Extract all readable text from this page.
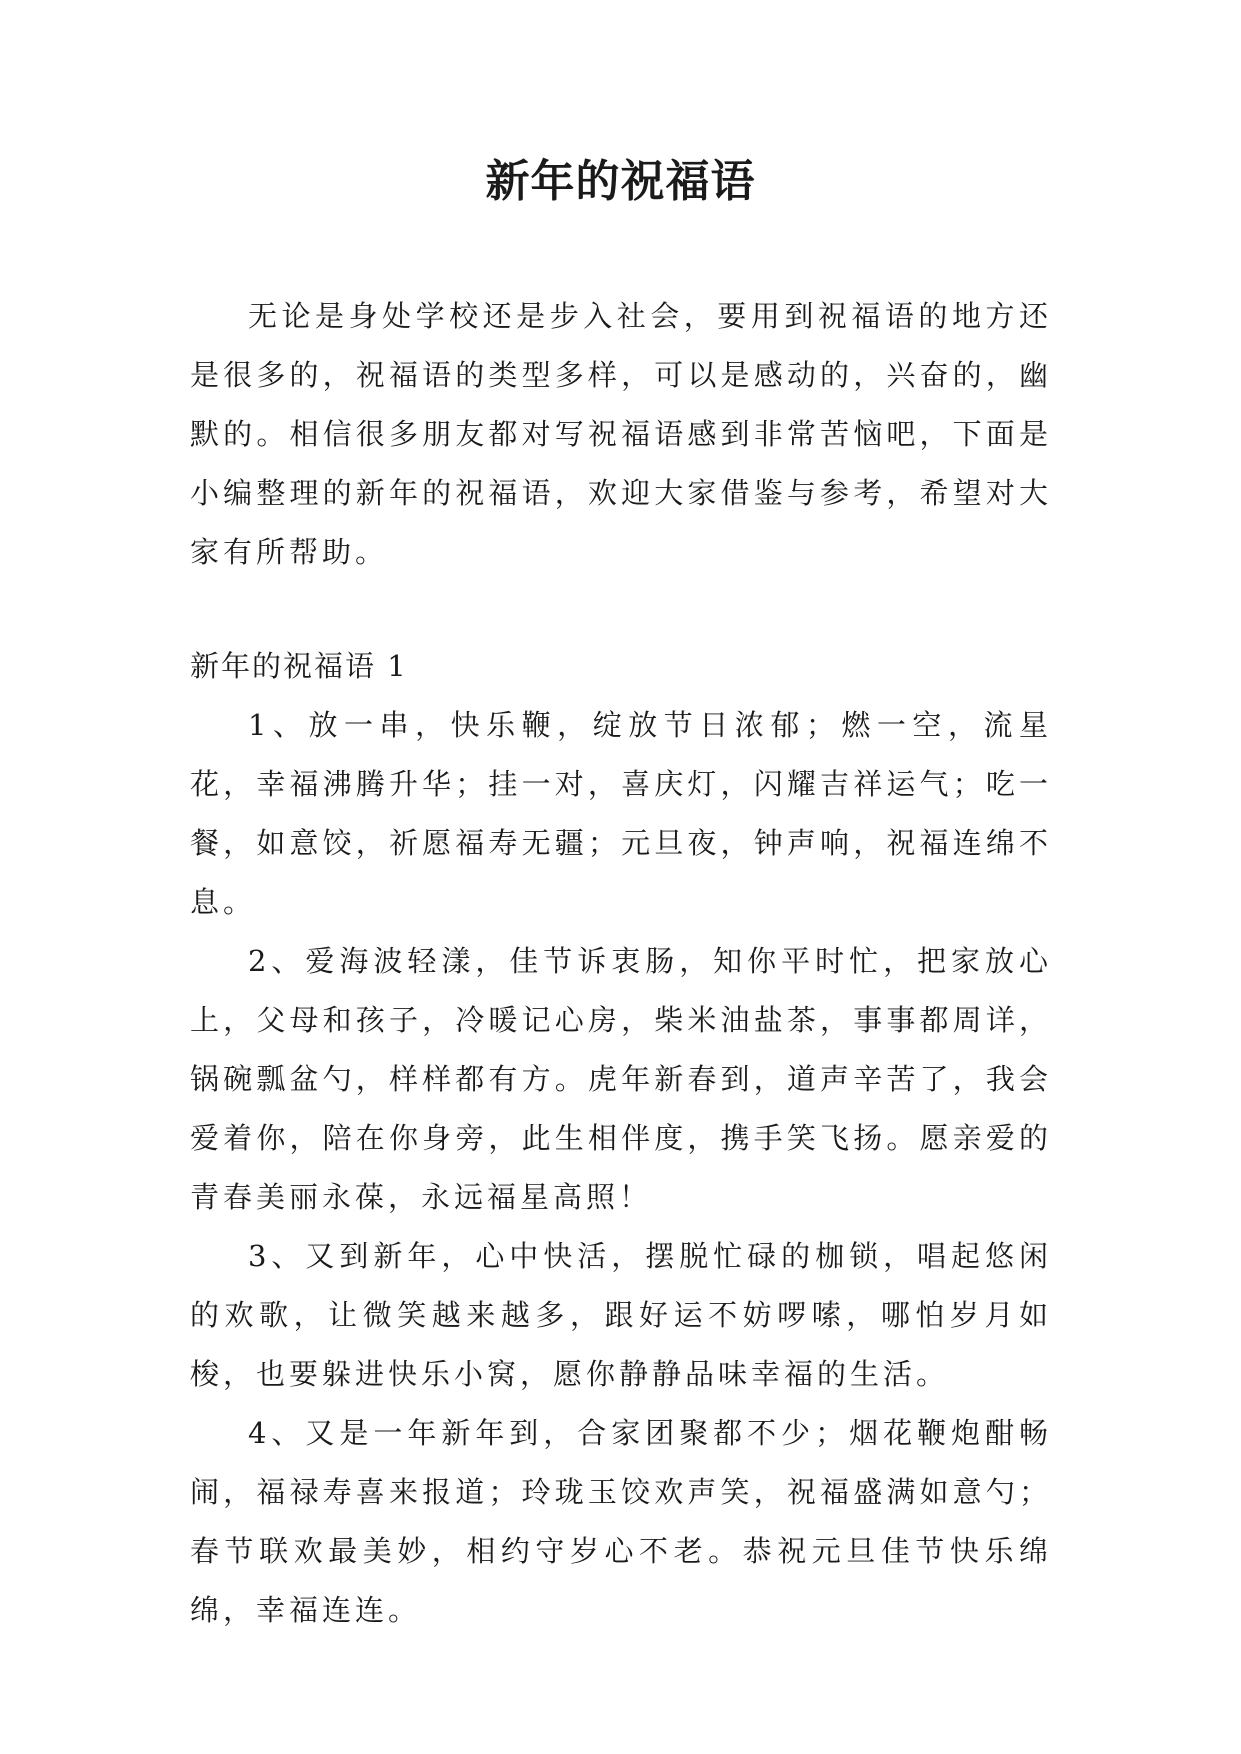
新年的祝福语

无论是身处学校还是步入社会，要用到祝福语的地方还是很多的，祝福语的类型多样，可以是感动的，兴奋的，幽默的。相信很多朋友都对写祝福语感到非常苦恼吧，下面是小编整理的新年的祝福语，欢迎大家借鉴与参考，希望对大家有所帮助。

新年的祝福语 1

1、放一串，快乐鞭，绽放节日浓郁；燃一空，流星花，幸福沸腾升华；挂一对，喜庆灯，闪耀吉祥运气；吃一餐，如意饺，祈愿福寿无疆；元旦夜，钟声响，祝福连绵不息。

2、爱海波轻漾，佳节诉衷肠，知你平时忙，把家放心上，父母和孩子，冷暖记心房，柴米油盐茶，事事都周详，锅碗瓢盆勺，样样都有方。虎年新春到，道声辛苦了，我会爱着你，陪在你身旁，此生相伴度，携手笑飞扬。愿亲爱的青春美丽永葆，永远福星高照！

3、又到新年，心中快活，摆脱忙碌的枷锁，唱起悠闲的欢歌，让微笑越来越多，跟好运不妨啰嗦，哪怕岁月如梭，也要躲进快乐小窝，愿你静静品味幸福的生活。

4、又是一年新年到，合家团聚都不少；烟花鞭炮酣畅闹，福禄寿喜来报道；玲珑玉饺欢声笑，祝福盛满如意勺；春节联欢最美妙，相约守岁心不老。恭祝元旦佳节快乐绵绵，幸福连连。
